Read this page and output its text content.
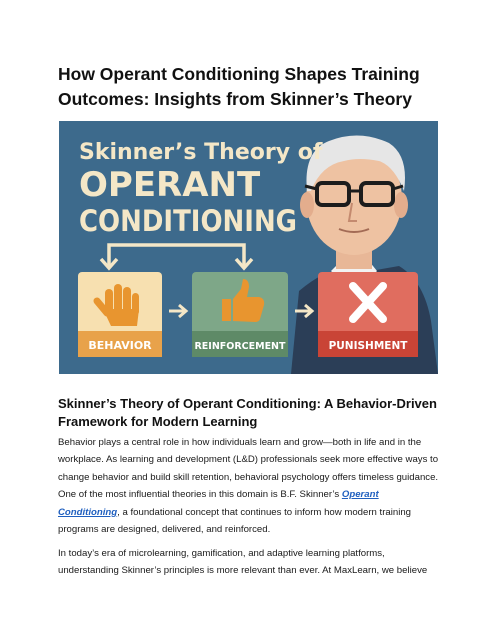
How Operant Conditioning Shapes Training Outcomes: Insights from Skinner’s Theory
Skinner’s Theory of
OPERANT
CONDITIONING
BEHAVIOR	REINFORCEMENT	PUNISHMENT
Skinner’s Theory of Operant Conditioning: A Behavior-Driven Framework for Modern Learning

Behavior plays a central role in how individuals learn and grow—both in life and in the workplace. As learning and development (L&D) professionals seek more effective ways to change behavior and build skill retention, behavioral psychology offers timeless guidance. One of the most influential theories in this domain is B.F. Skinner’s Operant Conditioning, a foundational concept that continues to inform how modern training programs are designed, delivered, and reinforced.

In today’s era of microlearning, gamification, and adaptive learning platforms, understanding Skinner’s principles is more relevant than ever. At MaxLearn, we believe
